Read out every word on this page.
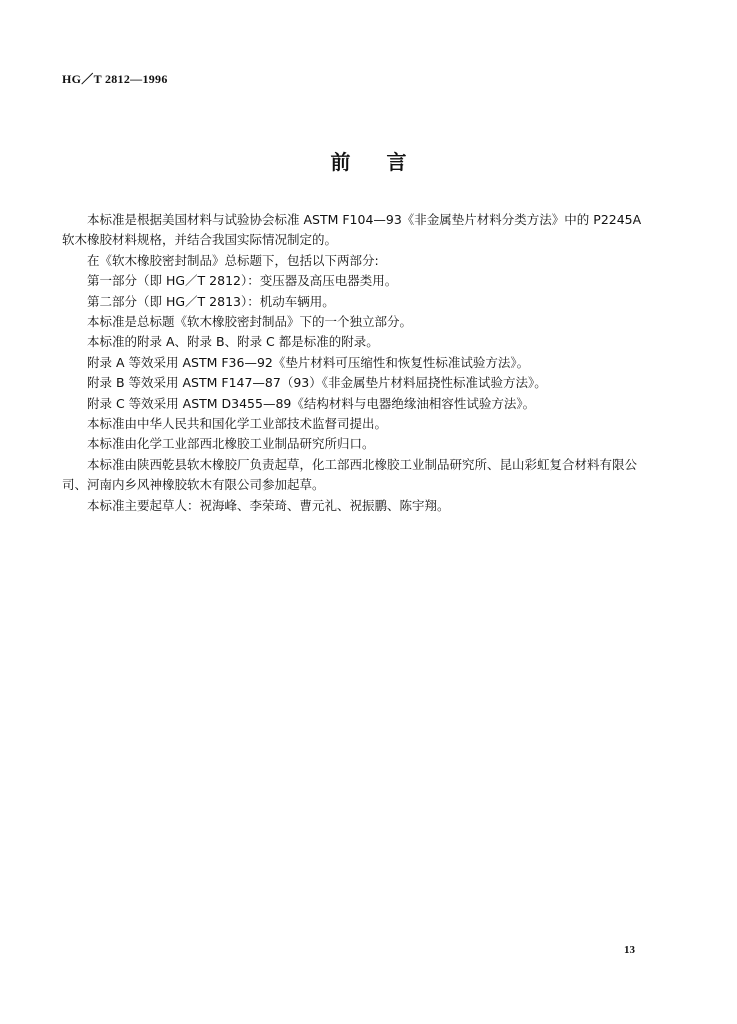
HG／T 2812—1996
前言

本标准是根据美国材料与试验协会标准 ASTM F104—93《非金属垫片材料分类方法》中的 P2245A 软木橡胶材料规格，并结合我国实际情况制定的。

在《软木橡胶密封制品》总标题下，包括以下两部分:

第一部分（即 HG／T 2812）：变压器及高压电器类用。

第二部分（即 HG／T 2813）：机动车辆用。

本标准是总标题《软木橡胶密封制品》下的一个独立部分。

本标准的附录 A、附录 B、附录 C 都是标准的附录。

附录 A 等效采用 ASTM F36—92《垫片材料可压缩性和恢复性标准试验方法》。

附录 B 等效采用 ASTM F147—87（93）《非金属垫片材料屈挠性标准试验方法》。

附录 C 等效采用 ASTM D3455—89《结构材料与电器绝缘油相容性试验方法》。

本标准由中华人民共和国化学工业部技术监督司提出。

本标准由化学工业部西北橡胶工业制品研究所归口。

本标准由陕西乾县软木橡胶厂负责起草，化工部西北橡胶工业制品研究所、昆山彩虹复合材料有限公司、河南内乡风神橡胶软木有限公司参加起草。

本标准主要起草人：祝海峰、李荣琦、曹元礼、祝振鹏、陈宇翔。

13
